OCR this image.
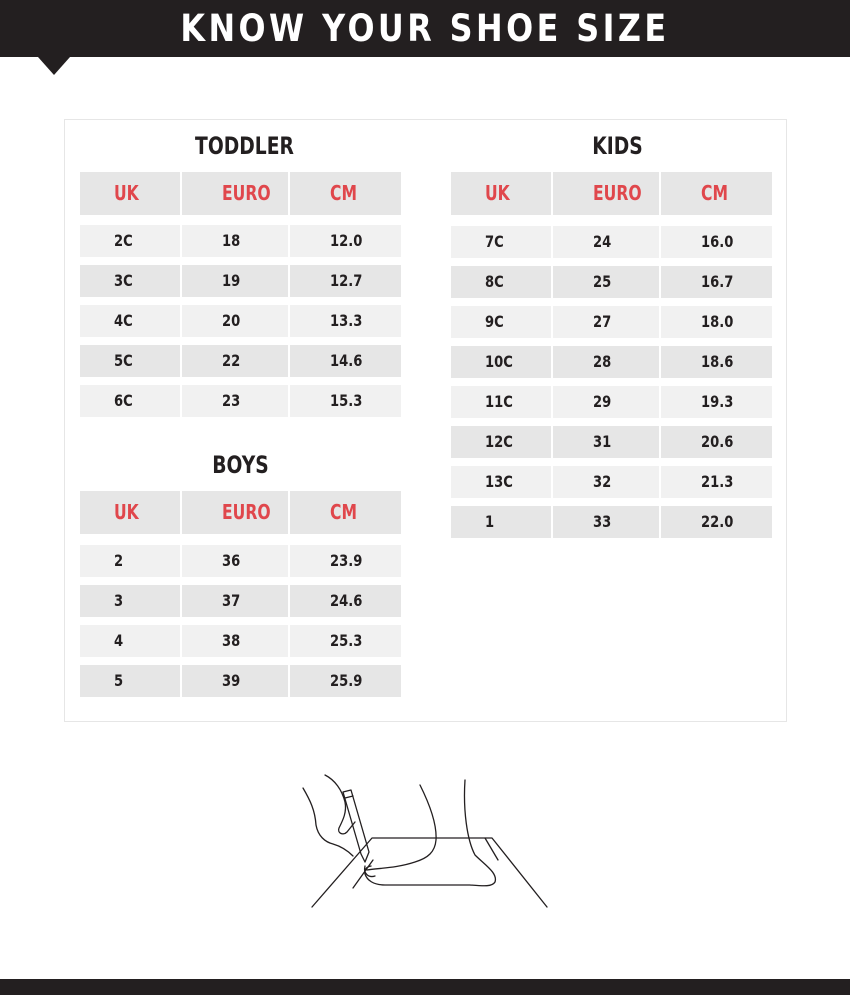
KNOW YOUR SHOE SIZE
TODDLER
UK	EURO	CM
2C	18	12.0
3C	19	12.7
4C	20	13.3
5C	22	14.6
6C	23	15.3
BOYS
UK	EURO	CM
2	36	23.9
3	37	24.6
4	38	25.3
5	39	25.9
KIDS
UK	EURO	CM
7C	24	16.0
8C	25	16.7
9C	27	18.0
10C	28	18.6
11C	29	19.3
12C	31	20.6
13C	32	21.3
1	33	22.0
